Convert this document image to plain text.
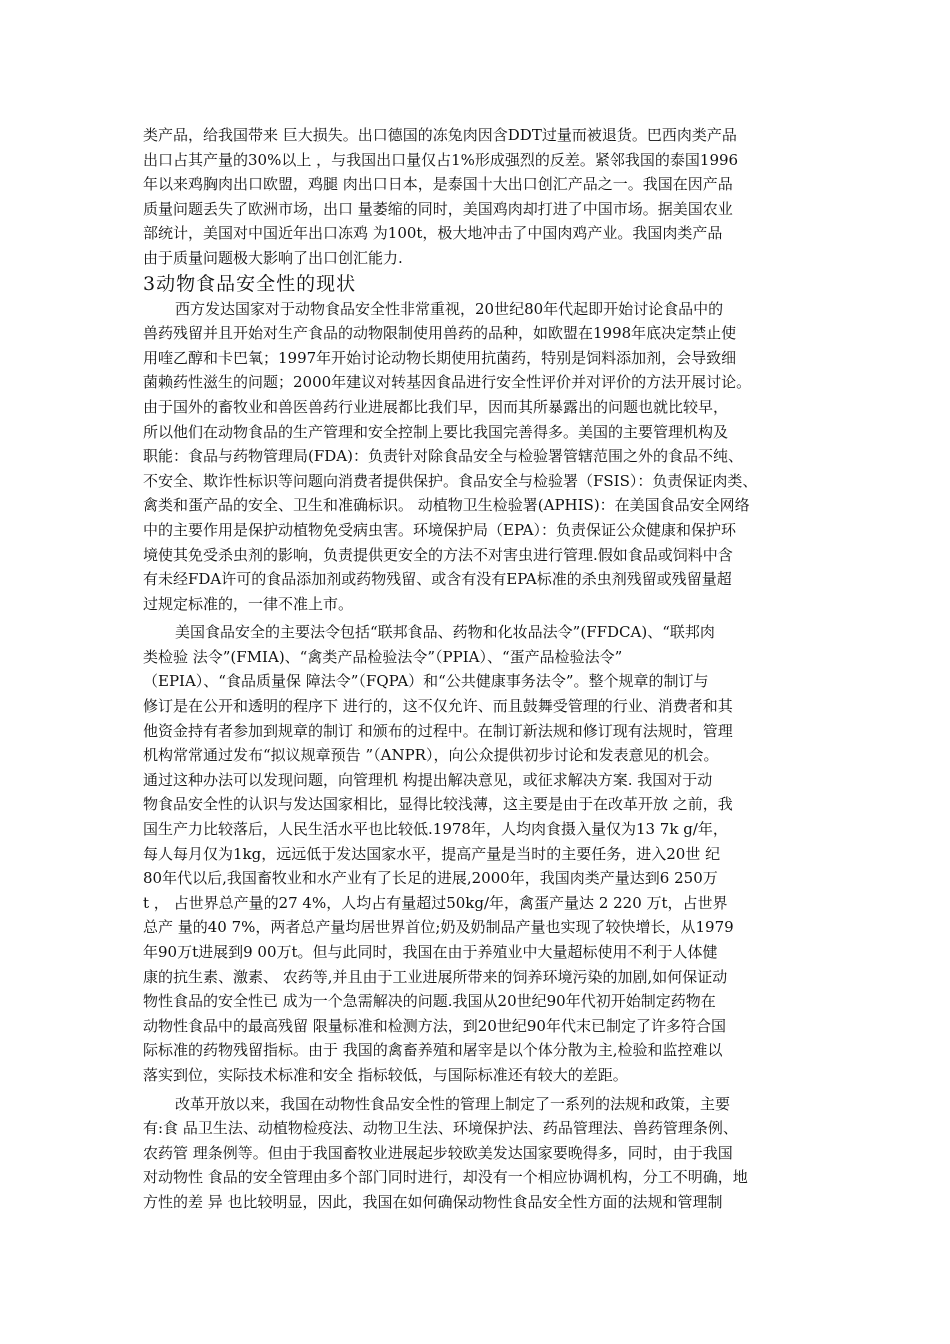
类产品，给我国带来 巨大损失。出口德国的冻兔肉因含DDT过量而被退货。巴西肉类产品
出口占其产量的30%以上 ，与我国出口量仅占1%形成强烈的反差。紧邻我国的泰国1996
年以来鸡胸肉出口欧盟，鸡腿 肉出口日本，是泰国十大出口创汇产品之一。我国在因产品
质量问题丢失了欧洲市场，出口 量萎缩的同时，美国鸡肉却打进了中国市场。据美国农业
部统计，美国对中国近年出口冻鸡 为100t，极大地冲击了中国肉鸡产业。我国肉类产品
由于质量问题极大影响了出口创汇能力.
3动物食品安全性的现状
西方发达国家对于动物食品安全性非常重视，20世纪80年代起即开始讨论食品中的
兽药残留并且开始对生产食品的动物限制使用兽药的品种，如欧盟在1998年底决定禁止使
用喹乙醇和卡巴氧；1997年开始讨论动物长期使用抗菌药，特别是饲料添加剂，会导致细
菌赖药性滋生的问题；2000年建议对转基因食品进行安全性评价并对评价的方法开展讨论。
由于国外的畜牧业和兽医兽药行业进展都比我们早，因而其所暴露出的问题也就比较早，
所以他们在动物食品的生产管理和安全控制上要比我国完善得多。美国的主要管理机构及
职能：食品与药物管理局(FDA)：负责针对除食品安全与检验署管辖范围之外的食品不纯、
不安全、欺诈性标识等问题向消费者提供保护。食品安全与检验署（FSIS）：负责保证肉类、
禽类和蛋产品的安全、卫生和准确标识。 动植物卫生检验署(APHIS)：在美国食品安全网络
中的主要作用是保护动植物免受病虫害。环境保护局（EPA）：负责保证公众健康和保护环
境使其免受杀虫剂的影响，负责提供更安全的方法不对害虫进行管理.假如食品或饲料中含
有未经FDA许可的食品添加剂或药物残留、或含有没有EPA标准的杀虫剂残留或残留量超
过规定标准的，一律不准上市。
美国食品安全的主要法令包括“联邦食品、药物和化妆品法令”(FFDCA)、“联邦肉
类检验 法令”(FMIA)、“禽类产品检验法令”（PPIA）、“蛋产品检验法令”
（EPIA）、“食品质量保 障法令”（FQPA）和“公共健康事务法令”。整个规章的制订与
修订是在公开和透明的程序下 进行的，这不仅允许、而且鼓舞受管理的行业、消费者和其
他资金持有者参加到规章的制订 和颁布的过程中。在制订新法规和修订现有法规时，管理
机构常常通过发布“拟议规章预告 ”（ANPR），向公众提供初步讨论和发表意见的机会。
通过这种办法可以发现问题，向管理机 构提出解决意见，或征求解决方案. 我国对于动
物食品安全性的认识与发达国家相比，显得比较浅薄，这主要是由于在改革开放 之前，我
国生产力比较落后，人民生活水平也比较低.1978年，人均肉食摄入量仅为13 7k g/年，
每人每月仅为1kg，远远低于发达国家水平，提高产量是当时的主要任务，进入20世 纪
80年代以后,我国畜牧业和水产业有了长足的进展,2000年，我国肉类产量达到6 250万
t ， 占世界总产量的27 4%，人均占有量超过50kg/年，禽蛋产量达 2 220 万t，占世界
总产 量的40 7%，两者总产量均居世界首位;奶及奶制品产量也实现了较快增长，从1979
年90万t进展到9 00万t。但与此同时，我国在由于养殖业中大量超标使用不利于人体健
康的抗生素、激素、 农药等,并且由于工业进展所带来的饲养环境污染的加剧,如何保证动
物性食品的安全性已 成为一个急需解决的问题.我国从20世纪90年代初开始制定药物在
动物性食品中的最高残留 限量标准和检测方法，到20世纪90年代末已制定了许多符合国
际标准的药物残留指标。由于 我国的禽畜养殖和屠宰是以个体分散为主,检验和监控难以
落实到位，实际技术标准和安全 指标较低，与国际标准还有较大的差距。
改革开放以来，我国在动物性食品安全性的管理上制定了一系列的法规和政策，主要
有:食 品卫生法、动植物检疫法、动物卫生法、环境保护法、药品管理法、兽药管理条例、
农药管 理条例等。但由于我国畜牧业进展起步较欧美发达国家要晚得多，同时，由于我国
对动物性 食品的安全管理由多个部门同时进行，却没有一个相应协调机构，分工不明确，地
方性的差 异 也比较明显，因此，我国在如何确保动物性食品安全性方面的法规和管理制
